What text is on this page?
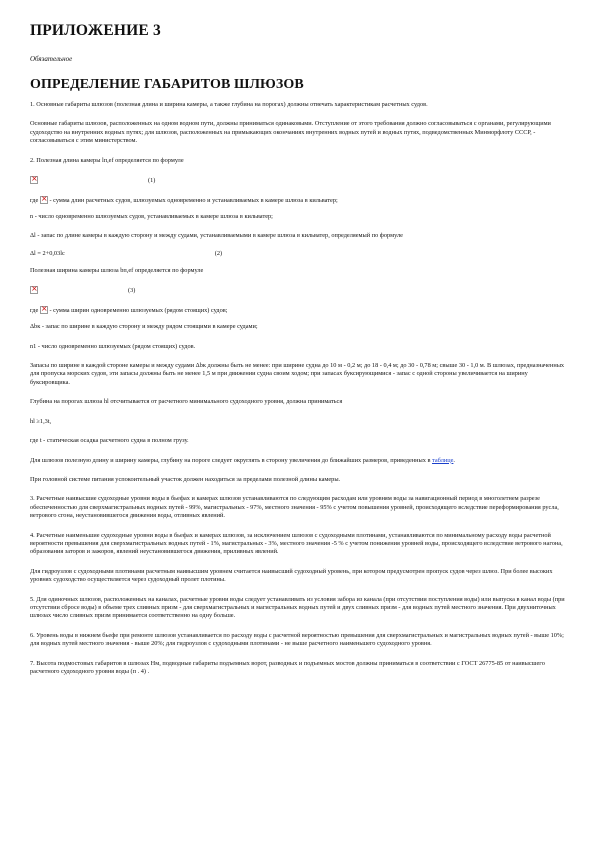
ПРИЛОЖЕНИЕ 3
Обязательное
ОПРЕДЕЛЕНИЕ ГАБАРИТОВ ШЛЮЗОВ

1. Основные габариты шлюзов (полезная длина и ширина камеры, а также глубина на порогах) должны отвечать характеристикам расчетных судов.

Основные габариты шлюзов, расположенных на одном водном пути, должны приниматься одинаковыми. Отступление от этого требования должно согласовываться с органами, регулирующими судоходство на внутренних водных путях; для шлюзов, расположенных на примыкающих окончаниях внутренних водных путей и водных путях, подведомственных Минморфлоту СССР, - согласовываться с этим министерством.

2. Полезная длина камеры lп,ef определяется по формуле

×
(1)
где
×
- сумма длин расчетных судов, шлюзуемых одновременно и устанавливаемых в камере шлюза в кильватер;

n - число одновременно шлюзуемых судов, устанавливаемых в камере шлюза в кильватер;

Δl - запас по длине камеры в каждую сторону и между судами, устанавливаемыми в камере шлюза в кильватер, определяемый по формуле

Δl = 2+0,03lс	(2)

Полезная ширина камеры шлюза bп,ef определяется по формуле

×
(3)
где
×
- сумма ширин одновременно шлюзуемых (рядом стоящих) судов;

Δbк - запас по ширине в каждую сторону и между рядом стоящими в камере судами;

n1 - число одновременно шлюзуемых (рядом стоящих) судов.

Запасы по ширине в каждой стороне камеры и между судами Δbк должны быть не менее: при ширине судна до 10 м - 0,2 м; до 18 - 0,4 м; до 30 - 0,78 м; свыше 30 - 1,0 м. В шлюзах, предназначенных для пропуска морских судов, эти запасы должны быть не менее 1,5 м при движении судна своим ходом; при запасах буксирующимися - запас с одной стороны увеличивается на ширину буксировщика.

Глубина на порогах шлюза hl отсчитывается от расчетного минимального судоходного уровня, должна приниматься

hl ≥1,3t,

где t - статическая осадка расчетного судна в полном грузу.

Для шлюзов полезную длину и ширину камеры, глубину на пороге следует округлять в сторону увеличения до ближайших размеров, приведенных в таблице.

При головной системе питания успокоительный участок должен находиться за пределами полезной длины камеры.

3. Расчетные наивысшие судоходные уровни воды в бьефах и камерах шлюзов устанавливаются по следующим расходам или уровням воды за навигационный период в многолетнем разрезе обеспеченностью для сверхмагистральных водных путей - 99%, магистральных - 97%, местного значения - 95% с учетом повышения уровней, происходящего вследствие переформирования русла, ветрового сгона, неустановившегося движения воды, отливных явлений.

4. Расчетные наименьшие судоходные уровни воды в бьефах и камерах шлюзов, за исключением шлюзов с судоходными плотинами, устанавливаются по минимальному расходу воды расчетной вероятности превышения для сверхмагистральных водных путей - 1%, магистральных - 3%, местного значения -5 % с учетом понижения уровней воды, происходящего вследствие ветрового нагона, образования заторов и зажоров, явлений неустановившегося движения, приливных явлений.

Для гидроузлов с судоходными плотинами расчетным наивысшим уровнем считается наивысший судоходный уровень, при котором предусмотрен пропуск судов через шлюз. При более высоких уровнях судоходство осуществляется через судоходный пролет плотины.

5. Для одиночных шлюзов, расположенных на каналах, расчетные уровни воды следует устанавливать из условия забора из канала (при отсутствии поступления воды) или выпуска в канал воды (при отсутствии сбросе воды) в объеме трех сливных призм - для сверхмагистральных и магистральных водных путей и двух сливных призм - для водных путей местного значения. При двухниточных шлюзах число сливных призм принимается соответственно на одну больше.

6. Уровень воды в нижнем бьефе при ремонте шлюзов устанавливается по расходу воды с расчетной вероятностью превышения для сверхмагистральных и магистральных водных путей - выше 10%; для водных путей местного значения - выше 20%; для гидроузлов с судоходными плотинами - не выше расчетного наименьшего судоходного уровня.

7. Высота подмостовых габаритов в шлюзах Hм, подводные габариты подъемных ворот, разводных и подъемных мостов должны приниматься в соответствии с ГОСТ 26775-85 от наивысшего расчетного судоходного уровня воды (п . 4) .
